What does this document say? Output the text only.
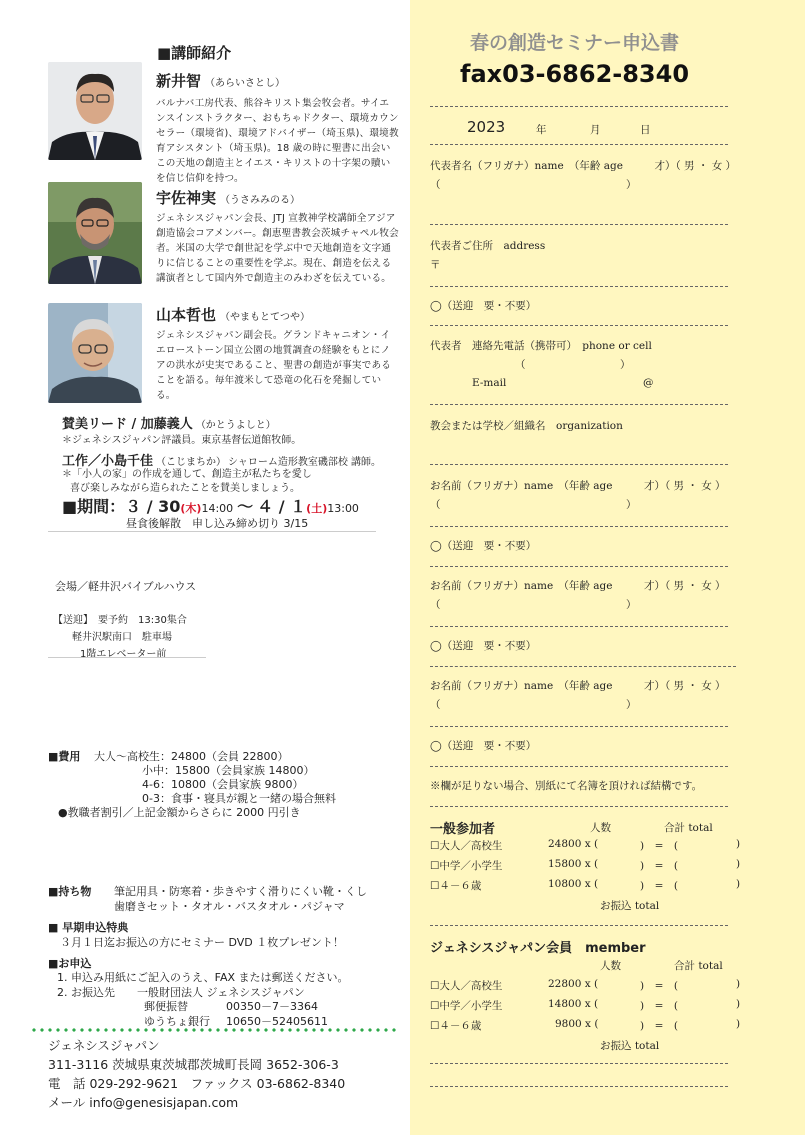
■講師紹介
新井智 （あらいさとし）
バルナバ工房代表、熊谷キリスト集会牧会者。サイエンスインストラクター、おもちゃドクター、環境カウンセラー（環境省)、環境アドバイザー（埼玉県)、環境教育アシスタント（埼玉県)。18 歳の時に聖書に出会いこの天地の創造主とイエス・キリストの十字架の贖いを信じ信仰を持つ。
宇佐神実 （うさみみのる）
ジェネシスジャパン会長、JTJ 宣教神学校講師全アジア創造協会コアメンバー。創恵聖書教会茨城チャペル牧会者。米国の大学で創世記を学ぶ中で天地創造を文字通りに信じることの重要性を学ぶ。現在、創造を伝える講演者として国内外で創造主のみわざを伝えている。
山本哲也 （やまもとてつや）
ジェネシスジャパン副会長。グランドキャニオン・イエローストーン国立公園の地質調査の経験をもとにノアの洪水が史実であること、聖書の創造が事実であることを語る。毎年渡米して恐竜の化石を発掘している。
賛美リード / 加藤義人 （かとうよしと）
＊ジェネシスジャパン評議員。東京基督伝道館牧師。
工作／小島千佳 （こじまちか） シャローム造形教室磯部校 講師。
＊「小人の家」の作成を通して、創造主が私たちを愛し
喜び楽しみながら造られたことを賛美しましょう。
■期間：３ / 30(木)14:00 〜 ４ / １(土)13:00
昼食後解散　申し込み締め切り 3/15
会場／軽井沢バイブルハウス
【送迎】　要予約　13:30集合
軽井沢駅南口　駐車場
1階エレベーター前
■費用 大人〜高校生：24800（会員 22800）
小中：15800（会員家族 14800）
4-6：10800（会員家族 9800）
0-3：食事・寝具が親と一緒の場合無料
●教職者割引／上記金額からさらに 2000 円引き
■持ち物 筆記用具・防寒着・歩きやすく滑りにくい靴・くし
歯磨きセット・タオル・バスタオル・パジャマ
■ 早期申込特典
３月１日迄お振込の方にセミナー DVD １枚プレゼント！
■お申込
1. 申込み用紙にご記入のうえ、FAX または郵送ください。
2. お振込先　　一般財団法人 ジェネシスジャパン
郵便振替	00350－7－3364
ゆうちょ銀行 10650－52405611
ジェネシスジャパン
311-3116 茨城県東茨城郡茨城町長岡 3652-306-3
電　話 029-292-9621　ファックス 03-6862-8340
メール info@genesisjapan.com
春の創造セミナー申込書
fax03-6862-8340
2023	年	月	日
代表者名（フリガナ）name　（年齢 age　　　才）（ 男 ・ 女 ）
（	）
代表者ご住所　address
〒
◯（送迎　要・不要）
代表者　連絡先電話（携帯可）　phone or cell
（　　　　　　　　　）
E-mail	@
教会または学校／組織名　organization
お名前（フリガナ）name　（年齢 age　　　才）（ 男 ・ 女 ）
（	）
◯（送迎　要・不要）
お名前（フリガナ）name　（年齢 age　　　才）（ 男 ・ 女 ）
（	）
◯（送迎　要・不要）
お名前（フリガナ）name　（年齢 age　　　才）（ 男 ・ 女 ）
（	）
◯（送迎　要・不要）
※欄が足りない場合、別紙にて名簿を頂ければ結構です。
一般参加者	人数	合計 total
☐大人／高校生	24800 x (	)　=　(	)
☐中学／小学生	15800 x (	)　=　(	)
☐４－６歳	10800 x (	)　=　(	)
お振込 total
ジェネシスジャパン会員　member
人数	合計 total
☐大人／高校生	22800 x (	)　=　(	)
☐中学／小学生	14800 x (	)　=　(	)
☐４－６歳	9800 x (	)　=　(	)
お振込 total
